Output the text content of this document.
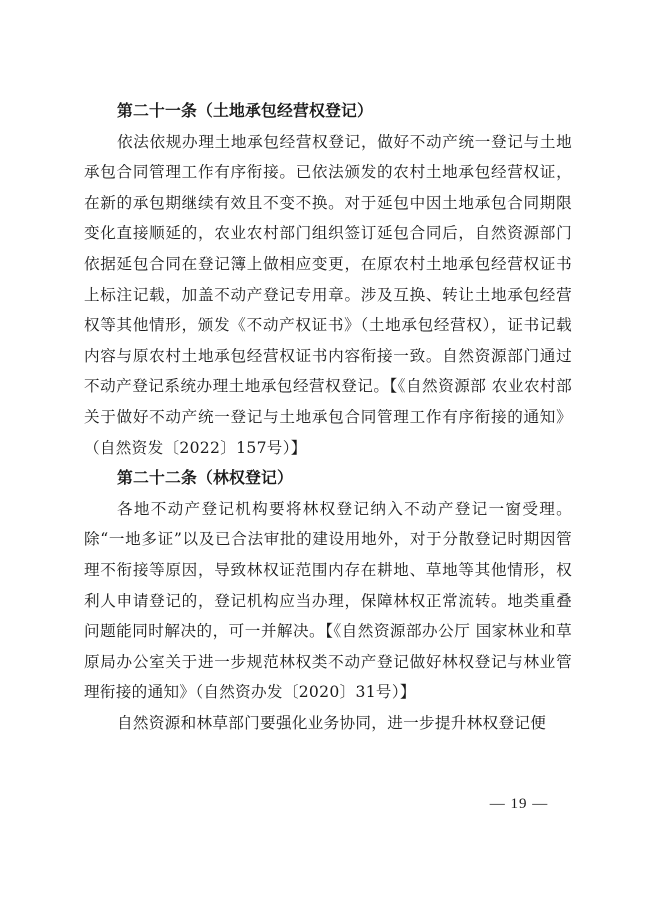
第二十一条（土地承包经营权登记）

依法依规办理土地承包经营权登记，做好不动产统一登记与土地承包合同管理工作有序衔接。已依法颁发的农村土地承包经营权证，在新的承包期继续有效且不变不换。对于延包中因土地承包合同期限变化直接顺延的，农业农村部门组织签订延包合同后，自然资源部门依据延包合同在登记簿上做相应变更，在原农村土地承包经营权证书上标注记载，加盖不动产登记专用章。涉及互换、转让土地承包经营权等其他情形，颁发《不动产权证书》（土地承包经营权），证书记载内容与原农村土地承包经营权证书内容衔接一致。自然资源部门通过不动产登记系统办理土地承包经营权登记。【《自然资源部 农业农村部关于做好不动产统一登记与土地承包合同管理工作有序衔接的通知》（自然资发〔2022〕157号）】

第二十二条（林权登记）

各地不动产登记机构要将林权登记纳入不动产登记一窗受理。除“一地多证”以及已合法审批的建设用地外，对于分散登记时期因管理不衔接等原因，导致林权证范围内存在耕地、草地等其他情形，权利人申请登记的，登记机构应当办理，保障林权正常流转。地类重叠问题能同时解决的，可一并解决。【《自然资源部办公厅 国家林业和草原局办公室关于进一步规范林权类不动产登记做好林权登记与林业管理衔接的通知》（自然资办发〔2020〕31号）】

自然资源和林草部门要强化业务协同，进一步提升林权登记便

— 19 —
